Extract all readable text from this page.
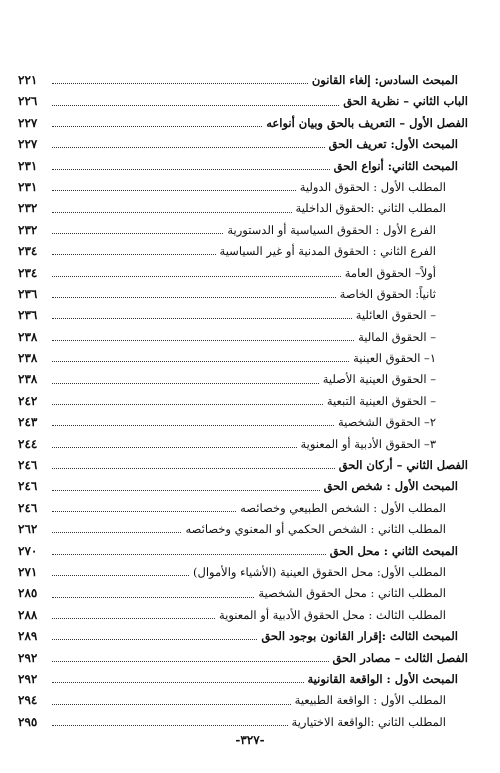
المبحث السادس: إلغاء القانون
٢٢١
الباب الثاني – نظرية الحق
٢٢٦
الفصل الأول – التعريف بالحق وبيان أنواعه
٢٢٧
المبحث الأول: تعريف الحق
٢٢٧
المبحث الثاني: أنواع الحق
٢٣١
المطلب الأول : الحقوق الدولية
٢٣١
المطلب الثاني :الحقوق الداخلية
٢٣٢
الفرع الأول : الحقوق السياسية أو الدستورية
٢٣٢
الفرع الثاني : الحقوق المدنية أو غير السياسية
٢٣٤
أولاً– الحقوق العامة
٢٣٤
ثانياً: الحقوق الخاصة
٢٣٦
– الحقوق العائلية
٢٣٦
– الحقوق المالية
٢٣٨
١– الحقوق العينية
٢٣٨
– الحقوق العينية الأصلية
٢٣٨
– الحقوق العينية التبعية
٢٤٢
٢– الحقوق الشخصية
٢٤٣
٣– الحقوق الأدبية أو المعنوية
٢٤٤
الفصل الثاني – أركان الحق
٢٤٦
المبحث الأول : شخص الحق
٢٤٦
المطلب الأول : الشخص الطبيعي وخصائصه
٢٤٦
المطلب الثاني : الشخص الحكمي أو المعنوي وخصائصه
٢٦٢
المبحث الثاني : محل الحق
٢٧٠
المطلب الأول: محل الحقوق العينية (الأشياء والأموال)
٢٧١
المطلب الثاني : محل الحقوق الشخصية
٢٨٥
المطلب الثالث : محل الحقوق الأدبية أو المعنوية
٢٨٨
المبحث الثالث :إقرار القانون بوجود الحق
٢٨٩
الفصل الثالث – مصادر الحق
٢٩٢
المبحث الأول : الواقعة القانونية
٢٩٢
المطلب الأول : الواقعة الطبيعية
٢٩٤
المطلب الثاني :الواقعة الاختيارية
٢٩٥
-٣٢٧-
